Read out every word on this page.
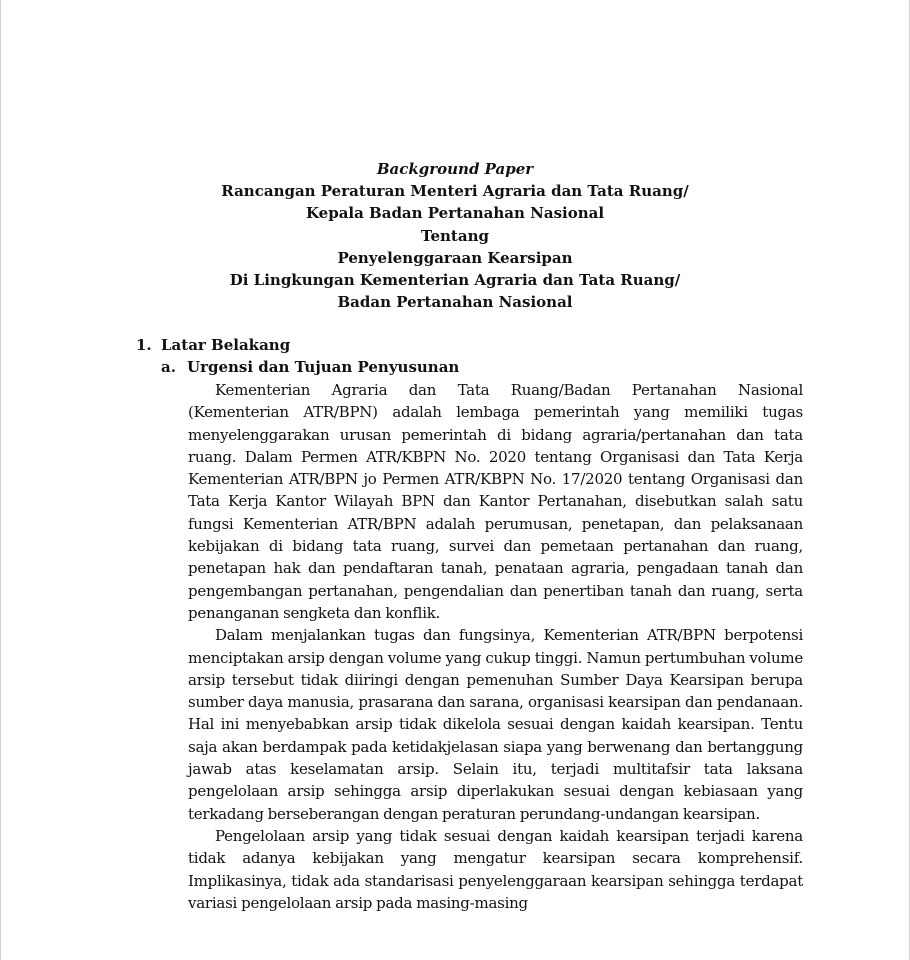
Background Paper
Rancangan Peraturan Menteri Agraria dan Tata Ruang/
Kepala Badan Pertanahan Nasional
Tentang
Penyelenggaraan Kearsipan
Di Lingkungan Kementerian Agraria dan Tata Ruang/
Badan Pertanahan Nasional
1. Latar Belakang
a. Urgensi dan Tujuan Penyusunan

Kementerian Agraria dan Tata Ruang/Badan Pertanahan Nasional (Kementerian ATR/BPN) adalah lembaga pemerintah yang memiliki tugas menyelenggarakan urusan pemerintah di bidang agraria/pertanahan dan tata ruang. Dalam Permen ATR/KBPN No. 2020 tentang Organisasi dan Tata Kerja Kementerian ATR/BPN jo Permen ATR/KBPN No. 17/2020 tentang Organisasi dan Tata Kerja Kantor Wilayah BPN dan Kantor Pertanahan, disebutkan salah satu fungsi Kementerian ATR/BPN adalah perumusan, penetapan, dan pelaksanaan kebijakan di bidang tata ruang, survei dan pemetaan pertanahan dan ruang, penetapan hak dan pendaftaran tanah, penataan agraria, pengadaan tanah dan pengembangan pertanahan, pengendalian dan penertiban tanah dan ruang, serta penanganan sengketa dan konflik.

Dalam menjalankan tugas dan fungsinya, Kementerian ATR/BPN berpotensi menciptakan arsip dengan volume yang cukup tinggi. Namun pertumbuhan volume arsip tersebut tidak diiringi dengan pemenuhan Sumber Daya Kearsipan berupa sumber daya manusia, prasarana dan sarana, organisasi kearsipan dan pendanaan. Hal ini menyebabkan arsip tidak dikelola sesuai dengan kaidah kearsipan. Tentu saja akan berdampak pada ketidakjelasan siapa yang berwenang dan bertanggung jawab atas keselamatan arsip. Selain itu, terjadi multitafsir tata laksana pengelolaan arsip sehingga arsip diperlakukan sesuai dengan kebiasaan yang terkadang berseberangan dengan peraturan perundang-undangan kearsipan.

Pengelolaan arsip yang tidak sesuai dengan kaidah kearsipan terjadi karena tidak adanya kebijakan yang mengatur kearsipan secara komprehensif. Implikasinya, tidak ada standarisasi penyelenggaraan kearsipan sehingga terdapat variasi pengelolaan arsip pada masing-masing
